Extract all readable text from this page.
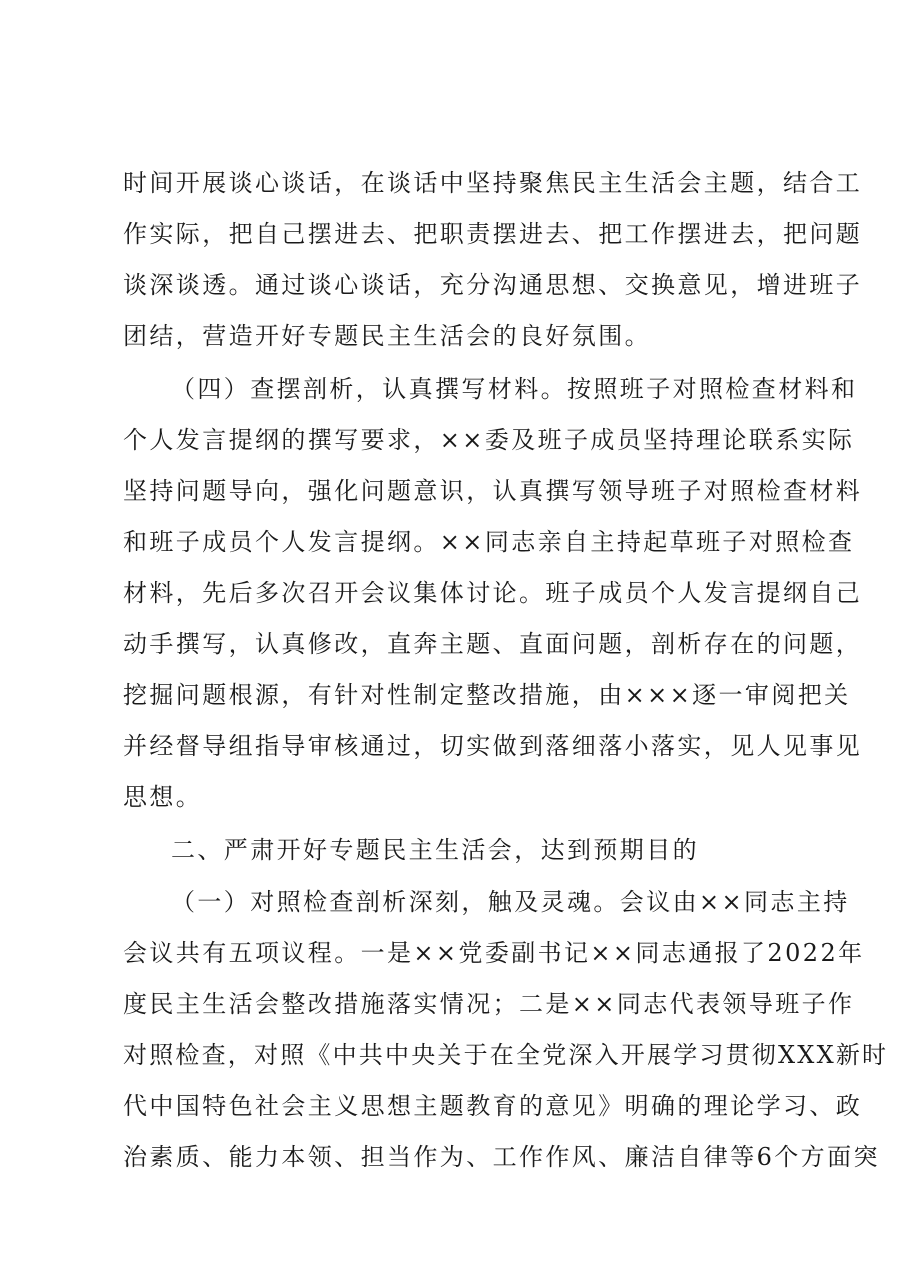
时间开展谈心谈话，在谈话中坚持聚焦民主生活会主题，结合工
作实际，把自己摆进去、把职责摆进去、把工作摆进去，把问题
谈深谈透。通过谈心谈话，充分沟通思想、交换意见，增进班子
团结，营造开好专题民主生活会的良好氛围。
（四）查摆剖析，认真撰写材料。按照班子对照检查材料和
个人发言提纲的撰写要求，××委及班子成员坚持理论联系实际
坚持问题导向，强化问题意识，认真撰写领导班子对照检查材料
和班子成员个人发言提纲。××同志亲自主持起草班子对照检查
材料，先后多次召开会议集体讨论。班子成员个人发言提纲自己
动手撰写，认真修改，直奔主题、直面问题，剖析存在的问题，
挖掘问题根源，有针对性制定整改措施，由×××逐一审阅把关
并经督导组指导审核通过，切实做到落细落小落实，见人见事见
思想。
二、严肃开好专题民主生活会，达到预期目的
（一）对照检查剖析深刻，触及灵魂。会议由××同志主持
会议共有五项议程。一是××党委副书记××同志通报了2022年
度民主生活会整改措施落实情况；二是××同志代表领导班子作
对照检查，对照《中共中央关于在全党深入开展学习贯彻XXX新时
代中国特色社会主义思想主题教育的意见》明确的理论学习、政
治素质、能力本领、担当作为、工作作风、廉洁自律等6个方面突
